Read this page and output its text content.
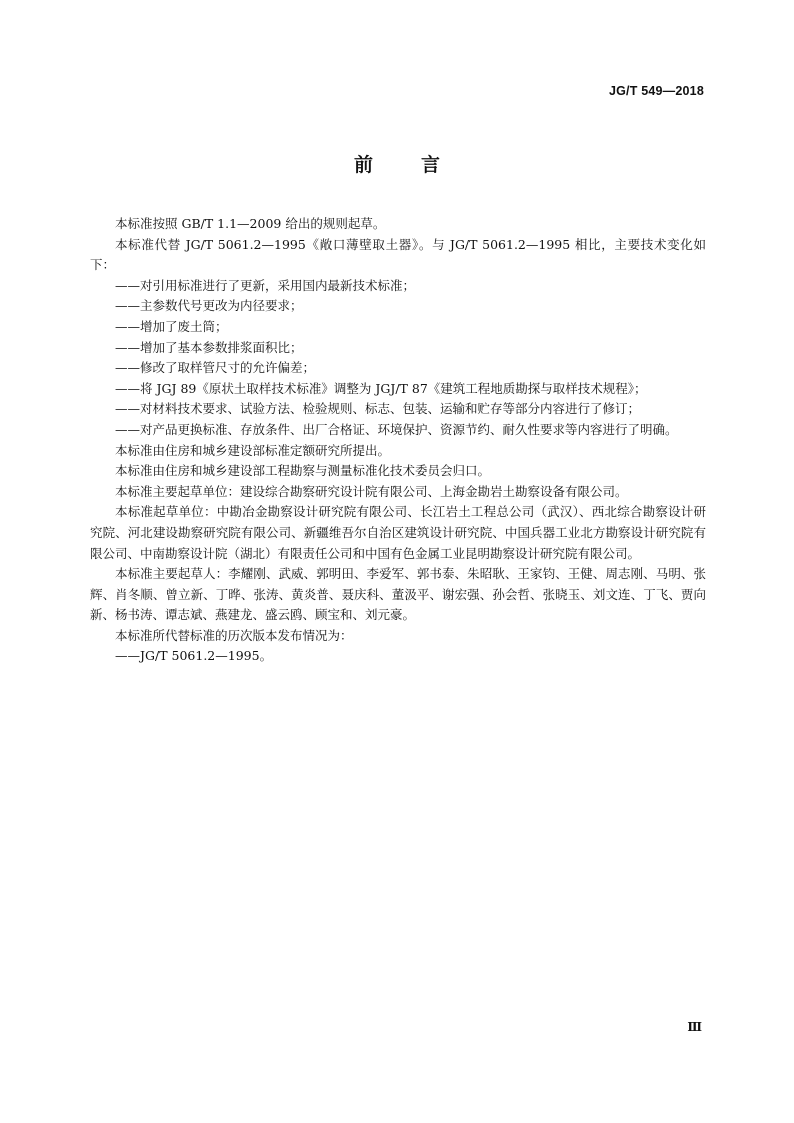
JG/T 549—2018
前	言

本标准按照 GB/T 1.1—2009 给出的规则起草。

本标准代替 JG/T 5061.2—1995《敞口薄壁取土器》。与 JG/T 5061.2—1995 相比，主要技术变化如下：

——对引用标准进行了更新，采用国内最新技术标准；

——主参数代号更改为内径要求；

——增加了废土筒；

——增加了基本参数排浆面积比；

——修改了取样管尺寸的允许偏差；

——将 JGJ 89《原状土取样技术标准》调整为 JGJ/T 87《建筑工程地质勘探与取样技术规程》；

——对材料技术要求、试验方法、检验规则、标志、包装、运输和贮存等部分内容进行了修订；

——对产品更换标准、存放条件、出厂合格证、环境保护、资源节约、耐久性要求等内容进行了明确。

本标准由住房和城乡建设部标准定额研究所提出。

本标准由住房和城乡建设部工程勘察与测量标准化技术委员会归口。

本标准主要起草单位：建设综合勘察研究设计院有限公司、上海金勘岩土勘察设备有限公司。

本标准起草单位：中勘冶金勘察设计研究院有限公司、长江岩土工程总公司（武汉）、西北综合勘察设计研究院、河北建设勘察研究院有限公司、新疆维吾尔自治区建筑设计研究院、中国兵器工业北方勘察设计研究院有限公司、中南勘察设计院（湖北）有限责任公司和中国有色金属工业昆明勘察设计研究院有限公司。

本标准主要起草人：李耀刚、武威、郭明田、李爱军、郭书泰、朱昭耿、王家钧、王健、周志刚、马明、张辉、肖冬顺、曾立新、丁晔、张涛、黄炎普、聂庆科、董汲平、谢宏强、孙会哲、张晓玉、刘文连、丁飞、贾向新、杨书涛、谭志斌、燕建龙、盛云鸥、顾宝和、刘元豪。

本标准所代替标准的历次版本发布情况为：

——JG/T 5061.2—1995。

Ⅲ
